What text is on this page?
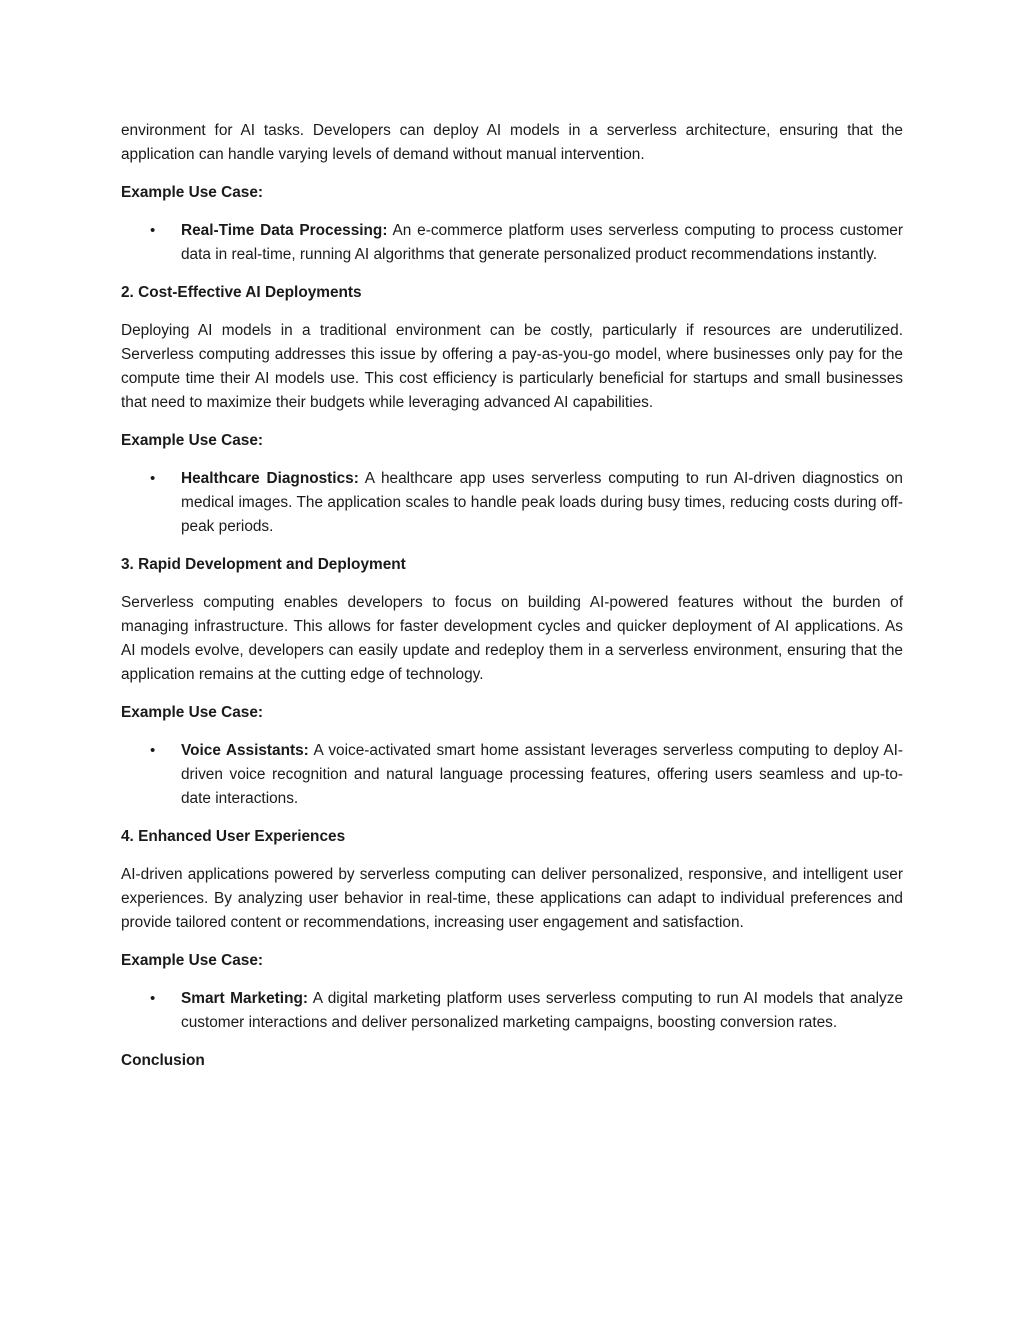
environment for AI tasks. Developers can deploy AI models in a serverless architecture, ensuring that the application can handle varying levels of demand without manual intervention.

Example Use Case:

• Real-Time Data Processing: An e-commerce platform uses serverless computing to process customer data in real-time, running AI algorithms that generate personalized product recommendations instantly.

2. Cost-Effective AI Deployments

Deploying AI models in a traditional environment can be costly, particularly if resources are underutilized. Serverless computing addresses this issue by offering a pay-as-you-go model, where businesses only pay for the compute time their AI models use. This cost efficiency is particularly beneficial for startups and small businesses that need to maximize their budgets while leveraging advanced AI capabilities.

Example Use Case:

• Healthcare Diagnostics: A healthcare app uses serverless computing to run AI-driven diagnostics on medical images. The application scales to handle peak loads during busy times, reducing costs during off-peak periods.

3. Rapid Development and Deployment

Serverless computing enables developers to focus on building AI-powered features without the burden of managing infrastructure. This allows for faster development cycles and quicker deployment of AI applications. As AI models evolve, developers can easily update and redeploy them in a serverless environment, ensuring that the application remains at the cutting edge of technology.

Example Use Case:

• Voice Assistants: A voice-activated smart home assistant leverages serverless computing to deploy AI-driven voice recognition and natural language processing features, offering users seamless and up-to-date interactions.

4. Enhanced User Experiences

AI-driven applications powered by serverless computing can deliver personalized, responsive, and intelligent user experiences. By analyzing user behavior in real-time, these applications can adapt to individual preferences and provide tailored content or recommendations, increasing user engagement and satisfaction.

Example Use Case:

• Smart Marketing: A digital marketing platform uses serverless computing to run AI models that analyze customer interactions and deliver personalized marketing campaigns, boosting conversion rates.

Conclusion
